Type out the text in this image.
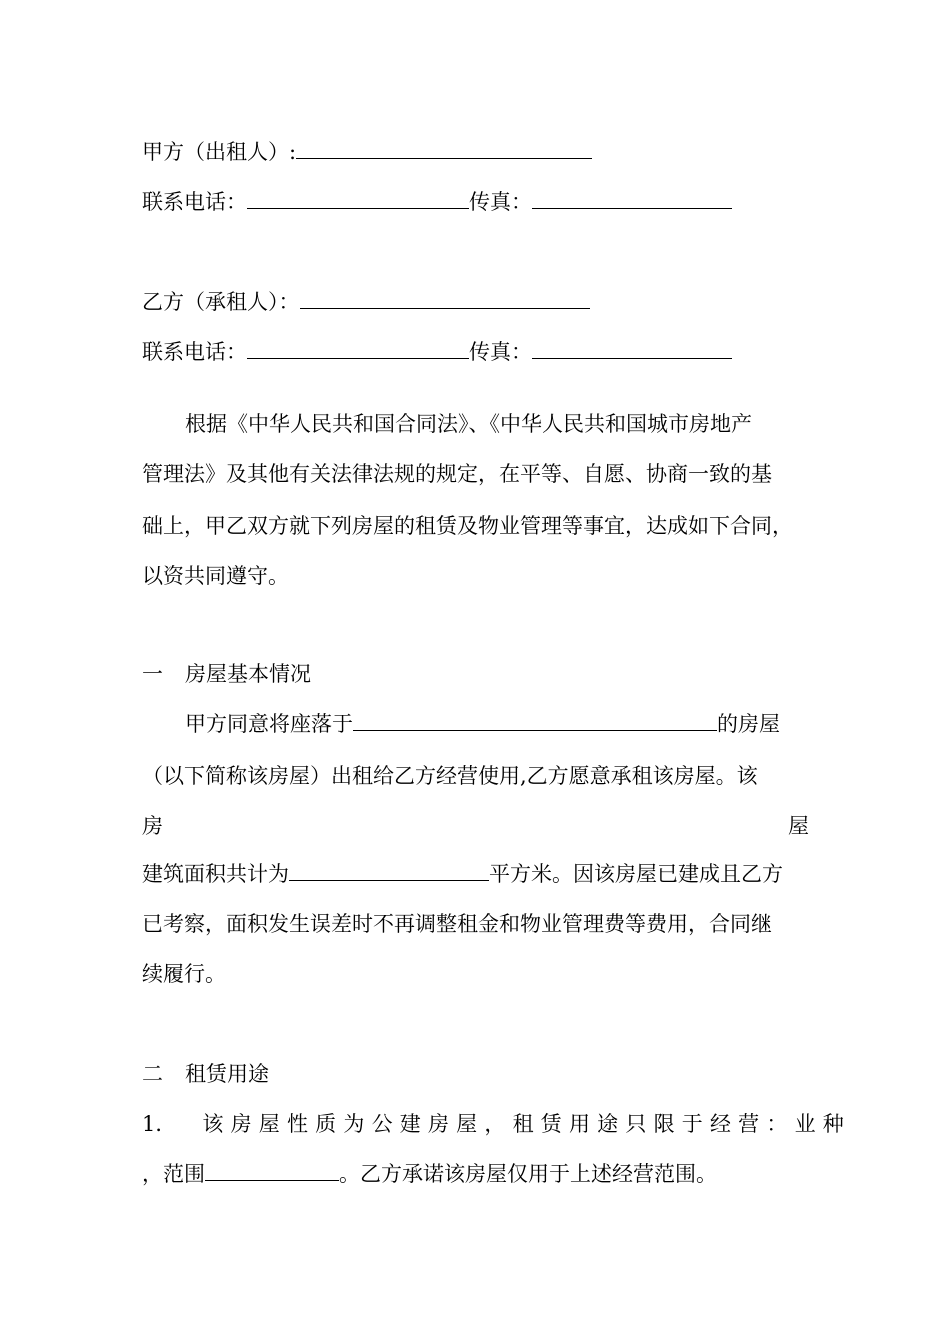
甲方（出租人）:
联系电话：	传真：
乙方（承租人）：
联系电话：	传真：
根据《中华人民共和国合同法》、《中华人民共和国城市房地产
管理法》及其他有关法律法规的规定，在平等、自愿、协商一致的基
础上，甲乙双方就下列房屋的租赁及物业管理等事宜，达成如下合同，
以资共同遵守。
一 房屋基本情况
甲方同意将座落于	的房屋
（以下简称该房屋）出租给乙方经营使用,乙方愿意承租该房屋。该
房	屋
建筑面积共计为	平方米。因该房屋已建成且乙方
已考察，面积发生误差时不再调整租金和物业管理费等费用，合同继
续履行。
二 租赁用途
1． 该房屋性质为公建房屋，租赁用途只限于经营：业种
，范围	。乙方承诺该房屋仅用于上述经营范围。
